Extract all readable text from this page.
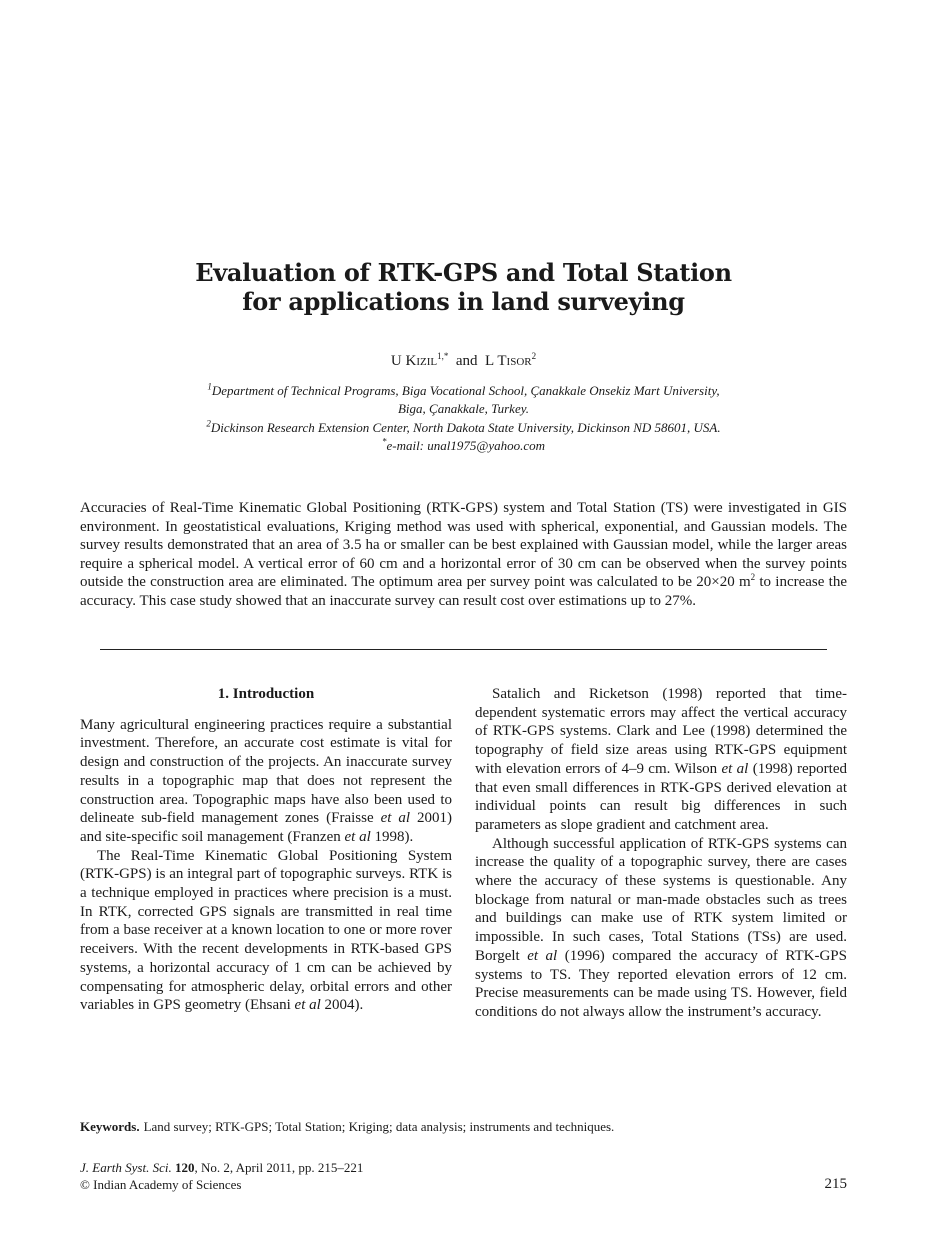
Evaluation of RTK-GPS and Total Station
for applications in land surveying
U Kizil$^{1,*}$ and L Tisor$^2$
$^1$Department of Technical Programs, Biga Vocational School, Çanakkale Onsekiz Mart University,
Biga, Çanakkale, Turkey.
$^2$Dickinson Research Extension Center, North Dakota State University, Dickinson ND 58601, USA.
*e-mail: unal1975@yahoo.com
Accuracies of Real-Time Kinematic Global Positioning (RTK-GPS) system and Total Station (TS) were investigated in GIS environment. In geostatistical evaluations, Kriging method was used with spherical, exponential, and Gaussian models. The survey results demonstrated that an area of 3.5 ha or smaller can be best explained with Gaussian model, while the larger areas require a spherical model. A vertical error of 60 cm and a horizontal error of 30 cm can be observed when the survey points outside the construction area are eliminated. The optimum area per survey point was calculated to be 20×20 $m^2$ to increase the accuracy. This case study showed that an inaccurate survey can result cost over estimations up to 27%.
1. Introduction

Many agricultural engineering practices require a substantial investment. Therefore, an accurate cost estimate is vital for design and construction of the projects. An inaccurate survey results in a topographic map that does not represent the construction area. Topographic maps have also been used to delineate sub-field management zones (Fraisse et al 2001) and site-specific soil management (Franzen et al 1998).

The Real-Time Kinematic Global Positioning System (RTK-GPS) is an integral part of topographic surveys. RTK is a technique employed in practices where precision is a must. In RTK, corrected GPS signals are transmitted in real time from a base receiver at a known location to one or more rover receivers. With the recent developments in RTK-based GPS systems, a horizontal accuracy of 1 cm can be achieved by compensating for atmospheric delay, orbital errors and other variables in GPS geometry (Ehsani et al 2004).

Satalich and Ricketson (1998) reported that time-dependent systematic errors may affect the vertical accuracy of RTK-GPS systems. Clark and Lee (1998) determined the topography of field size areas using RTK-GPS equipment with elevation errors of 4–9 cm. Wilson et al (1998) reported that even small differences in RTK-GPS derived elevation at individual points can result big differences in such parameters as slope gradient and catchment area.

Although successful application of RTK-GPS systems can increase the quality of a topographic survey, there are cases where the accuracy of these systems is questionable. Any blockage from natural or man-made obstacles such as trees and buildings can make use of RTK system limited or impossible. In such cases, Total Stations (TSs) are used. Borgelt et al (1996) compared the accuracy of RTK-GPS systems to TS. They reported elevation errors of 12 cm. Precise measurements can be made using TS. However, field conditions do not always allow the instrument’s accuracy.

Keywords. Land survey; RTK-GPS; Total Station; Kriging; data analysis; instruments and techniques.
J. Earth Syst. Sci. 120, No. 2, April 2011, pp. 215–221
© Indian Academy of Sciences	215
